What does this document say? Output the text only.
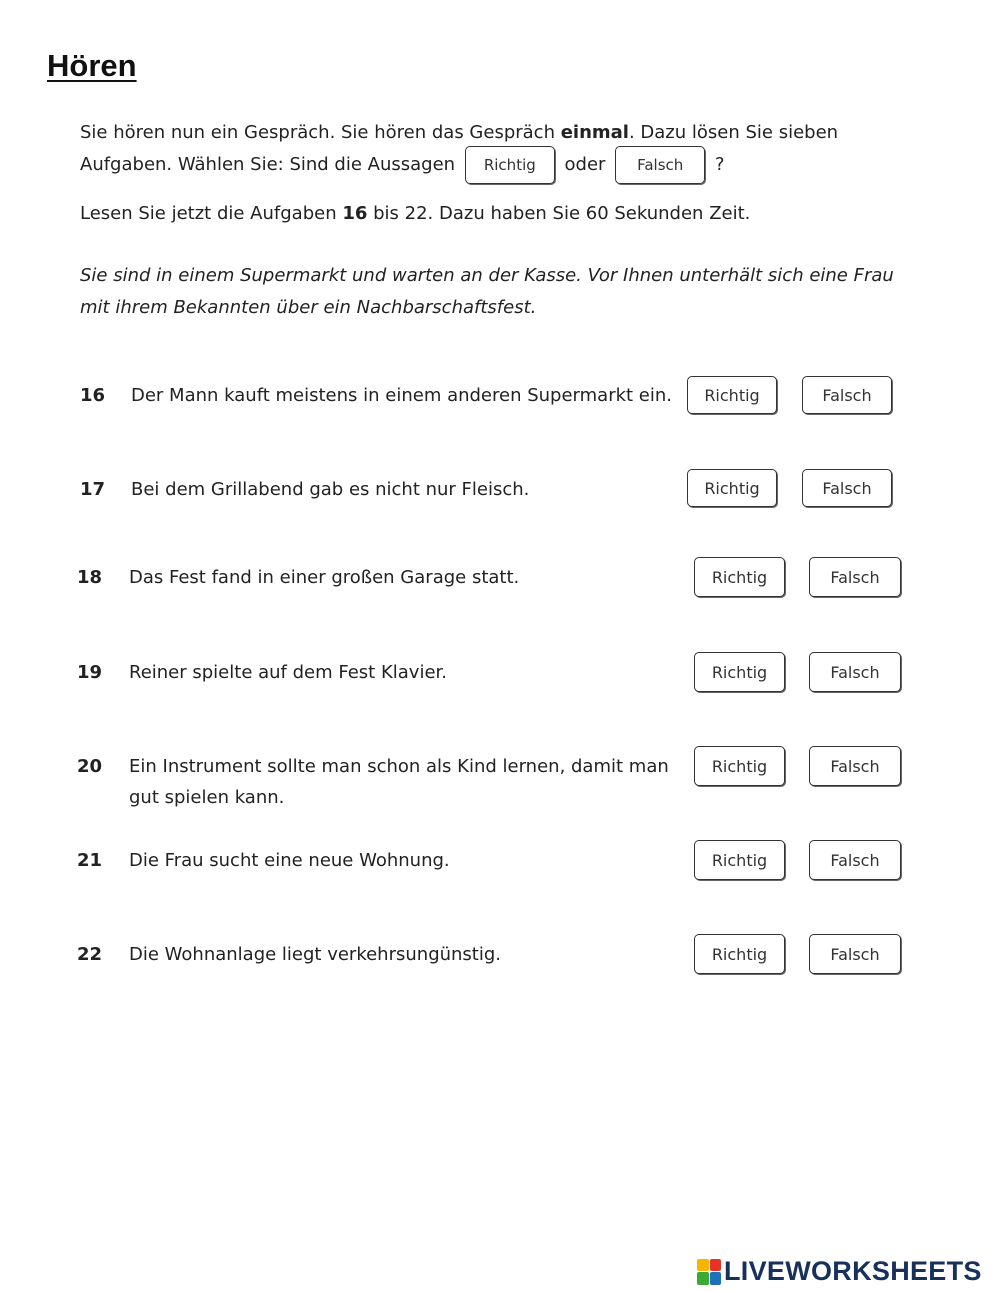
Hören
Sie hören nun ein Gespräch. Sie hören das Gespräch einmal. Dazu lösen Sie sieben
Aufgaben. Wählen Sie: Sind die Aussagen Richtig oder Falsch ?
Lesen Sie jetzt die Aufgaben 16 bis 22. Dazu haben Sie 60 Sekunden Zeit.
Sie sind in einem Supermarkt und warten an der Kasse. Vor Ihnen unterhält sich eine Frau
mit ihrem Bekannten über ein Nachbarschaftsfest.
16 Der Mann kauft meistens in einem anderen Supermarkt ein.	Richtig	Falsch
17 Bei dem Grillabend gab es nicht nur Fleisch.	Richtig	Falsch
18 Das Fest fand in einer großen Garage statt.	Richtig	Falsch
19 Reiner spielte auf dem Fest Klavier.	Richtig	Falsch
20 Ein Instrument sollte man schon als Kind lernen, damit man
gut spielen kann.
Richtig	Falsch
21 Die Frau sucht eine neue Wohnung.	Richtig	Falsch
22 Die Wohnanlage liegt verkehrsungünstig.	Richtig	Falsch
LIVEWORKSHEETS
